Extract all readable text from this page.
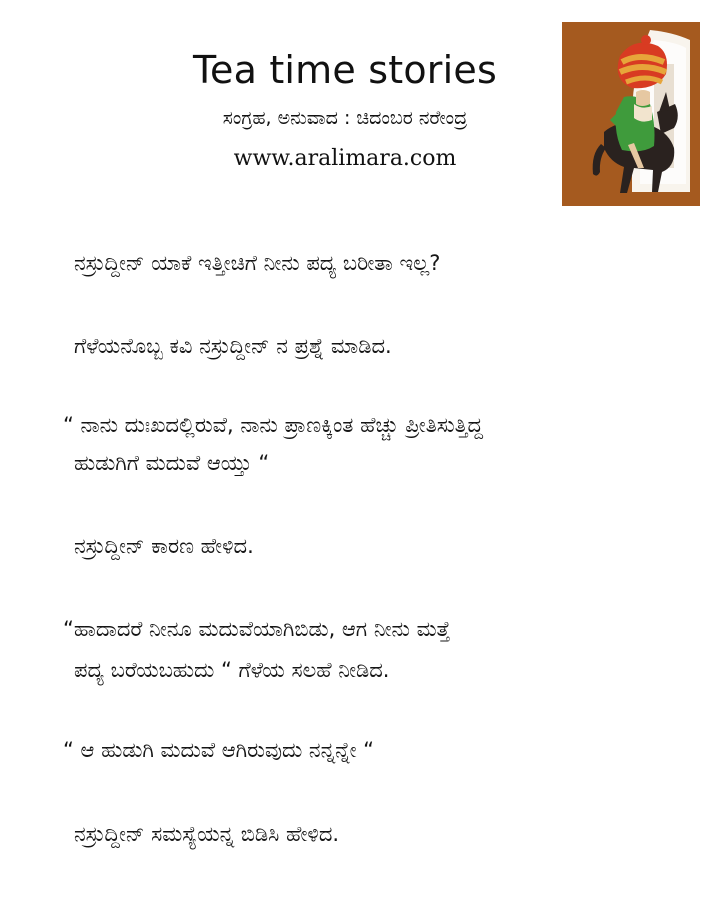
Tea time stories
ಸಂಗ್ರಹ, ಅನುವಾದ : ಚಿದಂಬರ ನರೇಂದ್ರ
www.aralimara.com
ನಸ್ರುದ್ದೀನ್ ಯಾಕೆ ಇತ್ತೀಚಿಗೆ ನೀನು ಪದ್ಯ ಬರೀತಾ ಇಲ್ಲ?
ಗೆಳೆಯನೊಬ್ಬ ಕವಿ ನಸ್ರುದ್ದೀನ್ ನ ಪ್ರಶ್ನೆ ಮಾಡಿದ.
“ ನಾನು ದುಃಖದಲ್ಲಿರುವೆ, ನಾನು ಪ್ರಾಣಕ್ಕಿಂತ ಹೆಚ್ಚು ಪ್ರೀತಿಸುತ್ತಿದ್ದ
ಹುಡುಗಿಗೆ ಮದುವೆ ಆಯ್ತು “
ನಸ್ರುದ್ದೀನ್ ಕಾರಣ ಹೇಳಿದ.
“ಹಾದಾದರೆ ನೀನೂ ಮದುವೆಯಾಗಿಬಿಡು, ಆಗ ನೀನು ಮತ್ತೆ
ಪದ್ಯ ಬರೆಯಬಹುದು “ ಗೆಳೆಯ ಸಲಹೆ ನೀಡಿದ.
“ ಆ ಹುಡುಗಿ ಮದುವೆ ಆಗಿರುವುದು ನನ್ನನ್ನೇ “
ನಸ್ರುದ್ದೀನ್ ಸಮಸ್ಯೆಯನ್ನ ಬಿಡಿಸಿ ಹೇಳಿದ.
